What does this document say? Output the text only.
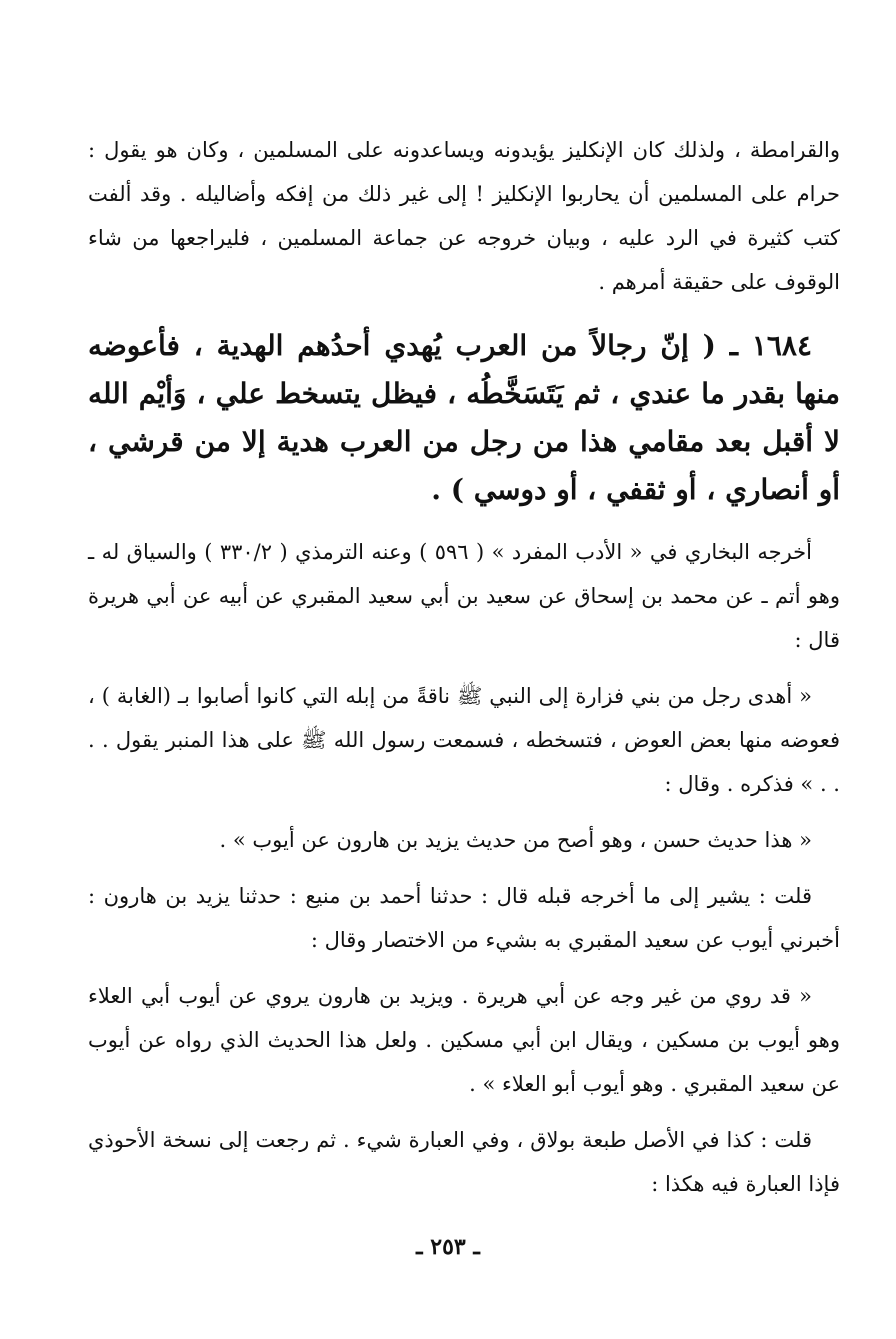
والقرامطة ، ولذلك كان الإنكليز يؤيدونه ويساعدونه على المسلمين ، وكان هو يقول : حرام على المسلمين أن يحاربوا الإنكليز ! إلى غير ذلك من إفكه وأضاليله . وقد ألفت كتب كثيرة في الرد عليه ، وبيان خروجه عن جماعة المسلمين ، فليراجعها من شاء الوقوف على حقيقة أمرهم .

١٦٨٤ ـ ( إنّ رجالاً من العرب يُهدي أحدُهم الهدية ، فأعوضه منها بقدر ما عندي ، ثم يَتَسَخَّطُه ، فيظل يتسخط علي ، وَأيْم الله لا أقبل بعد مقامي هذا من رجل من العرب هدية إلا من قرشي ، أو أنصاري ، أو ثقفي ، أو دوسي ) .

أخرجه البخاري في « الأدب المفرد » ( ٥٩٦ ) وعنه الترمذي ( ٣٣٠/٢ ) والسياق له ـ وهو أتم ـ عن محمد بن إسحاق عن سعيد بن أبي سعيد المقبري عن أبيه عن أبي هريرة قال :

« أهدى رجل من بني فزارة إلى النبي ﷺ ناقةً من إبله التي كانوا أصابوا بـ (الغابة ) ، فعوضه منها بعض العوض ، فتسخطه ، فسمعت رسول الله ﷺ على هذا المنبر يقول . . . . » فذكره . وقال :

« هذا حديث حسن ، وهو أصح من حديث يزيد بن هارون عن أيوب » .

قلت : يشير إلى ما أخرجه قبله قال : حدثنا أحمد بن منيع : حدثنا يزيد بن هارون : أخبرني أيوب عن سعيد المقبري به بشيء من الاختصار وقال :

« قد روي من غير وجه عن أبي هريرة . ويزيد بن هارون يروي عن أيوب أبي العلاء وهو أيوب بن مسكين ، ويقال ابن أبي مسكين . ولعل هذا الحديث الذي رواه عن أيوب عن سعيد المقبري . وهو أيوب أبو العلاء » .

قلت : كذا في الأصل طبعة بولاق ، وفي العبارة شيء . ثم رجعت إلى نسخة الأحوذي فإذا العبارة فيه هكذا :

ـ ٢٥٣ ـ
